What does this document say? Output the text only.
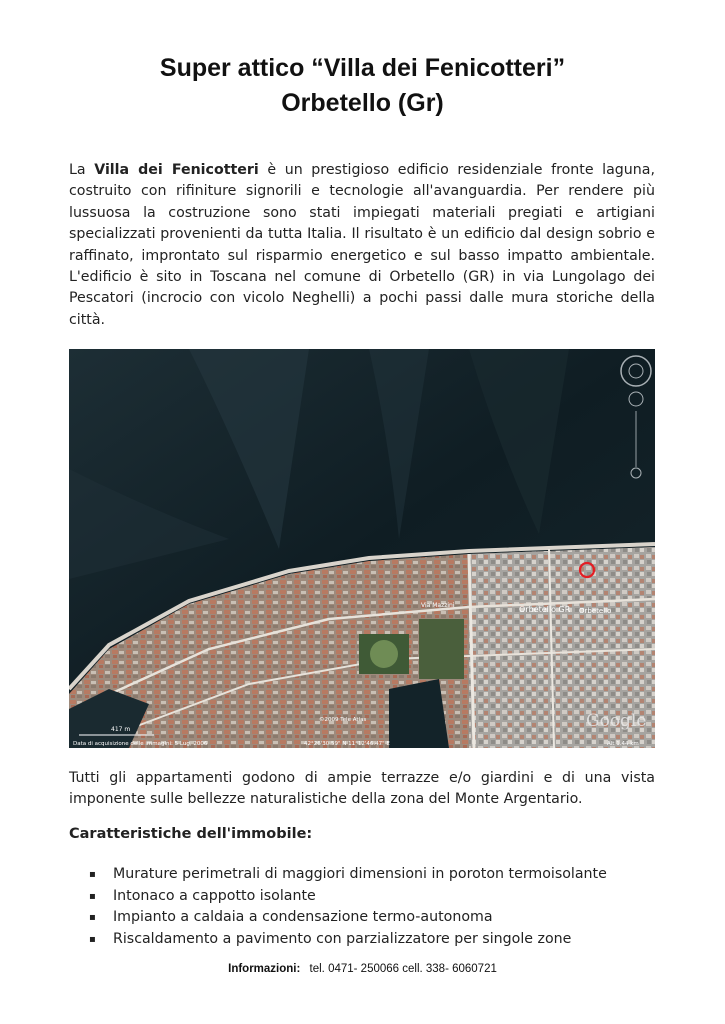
Super attico “Villa dei Fenicotteri”
Orbetello (Gr)

La Villa dei Fenicotteri è un prestigioso edificio residenziale fronte laguna, costruito con rifiniture signorili e tecnologie all'avanguardia. Per rendere più lussuosa la costruzione sono stati impiegati materiali pregiati e artigiani specializzati provenienti da tutta Italia. Il risultato è un edificio dal design sobrio e raffinato, improntato sul risparmio energetico e sul basso impatto ambientale. L'edificio è sito in Toscana nel comune di Orbetello (GR) in via Lungolago dei Pescatori (incrocio con vicolo Neghelli) a pochi passi dalle mura storiche della città.

Orbetello GR Orbetello
Via Mazzini
417 m
©2009 Tele Atlas
Data di acquisizione delle immagini: 5 Lug, 2006	42°26'30.59" N 11°12'46.47" E	Alt 1.44 km
Google

Tutti gli appartamenti godono di ampie terrazze e/o giardini e di una vista imponente sulle bellezze naturalistiche della zona del Monte Argentario.

Caratteristiche dell'immobile:

▪ Murature perimetrali di maggiori dimensioni in poroton termoisolante
▪ Intonaco a cappotto isolante
▪ Impianto a caldaia a condensazione termo-autonoma
▪ Riscaldamento a pavimento con parzializzatore per singole zone
Informazioni: tel. 0471- 250066 cell. 338- 6060721
